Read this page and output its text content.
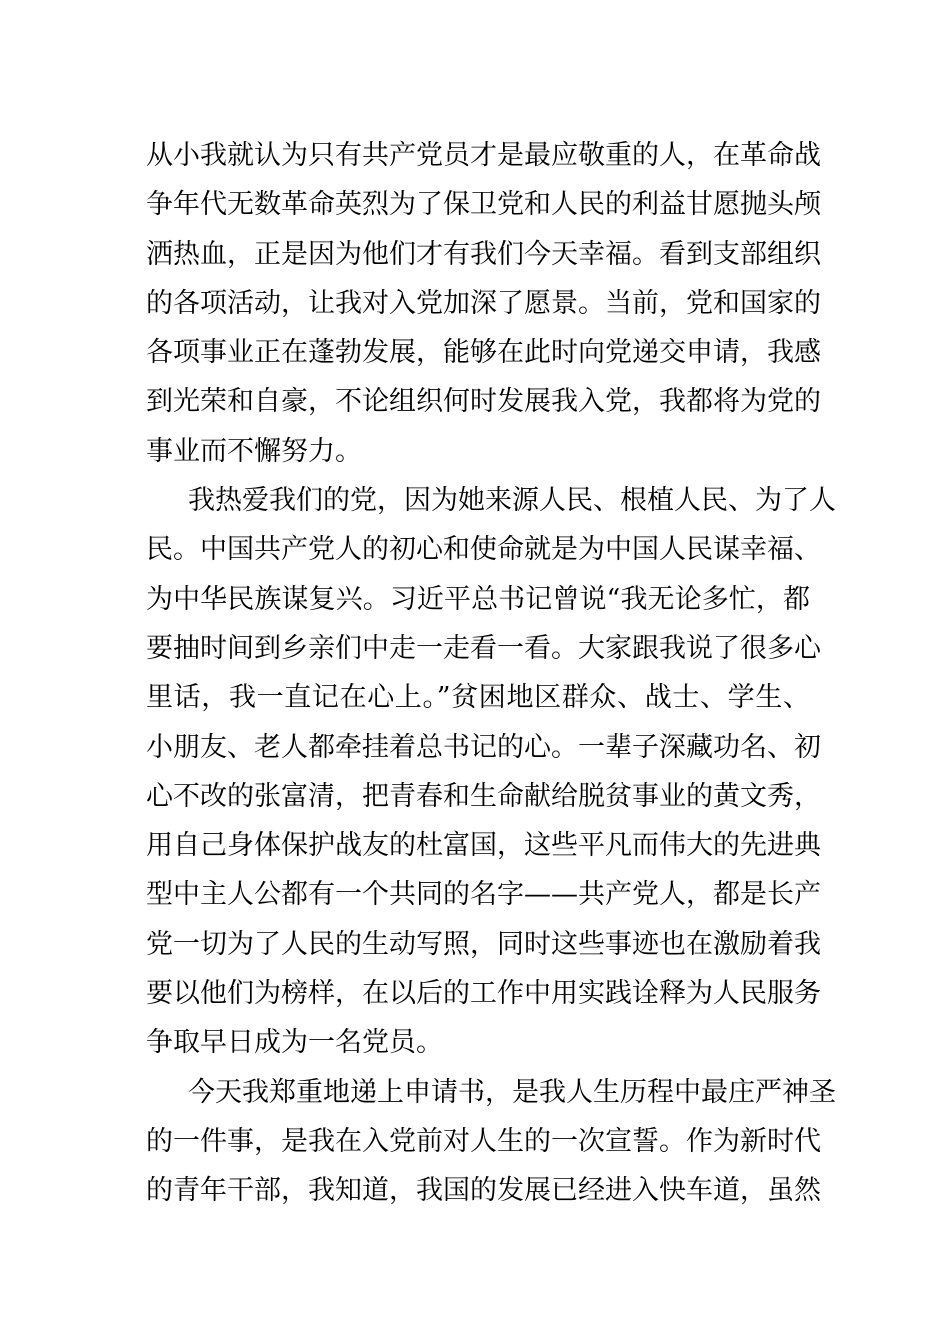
从小我就认为只有共产党员才是最应敬重的人，在革命战
争年代无数革命英烈为了保卫党和人民的利益甘愿抛头颅
洒热血，正是因为他们才有我们今天幸福。看到支部组织
的各项活动，让我对入党加深了愿景。当前，党和国家的
各项事业正在蓬勃发展，能够在此时向党递交申请，我感
到光荣和自豪，不论组织何时发展我入党，我都将为党的
事业而不懈努力。
我热爱我们的党，因为她来源人民、根植人民、为了人
民。中国共产党人的初心和使命就是为中国人民谋幸福、
为中华民族谋复兴。习近平总书记曾说“我无论多忙，都
要抽时间到乡亲们中走一走看一看。大家跟我说了很多心
里话，我一直记在心上。”贫困地区群众、战士、学生、
小朋友、老人都牵挂着总书记的心。一辈子深藏功名、初
心不改的张富清，把青春和生命献给脱贫事业的黄文秀，
用自己身体保护战友的杜富国，这些平凡而伟大的先进典
型中主人公都有一个共同的名字——共产党人，都是长产
党一切为了人民的生动写照，同时这些事迹也在激励着我
要以他们为榜样，在以后的工作中用实践诠释为人民服务
争取早日成为一名党员。
今天我郑重地递上申请书，是我人生历程中最庄严神圣
的一件事，是我在入党前对人生的一次宣誓。作为新时代
的青年干部，我知道，我国的发展已经进入快车道，虽然
